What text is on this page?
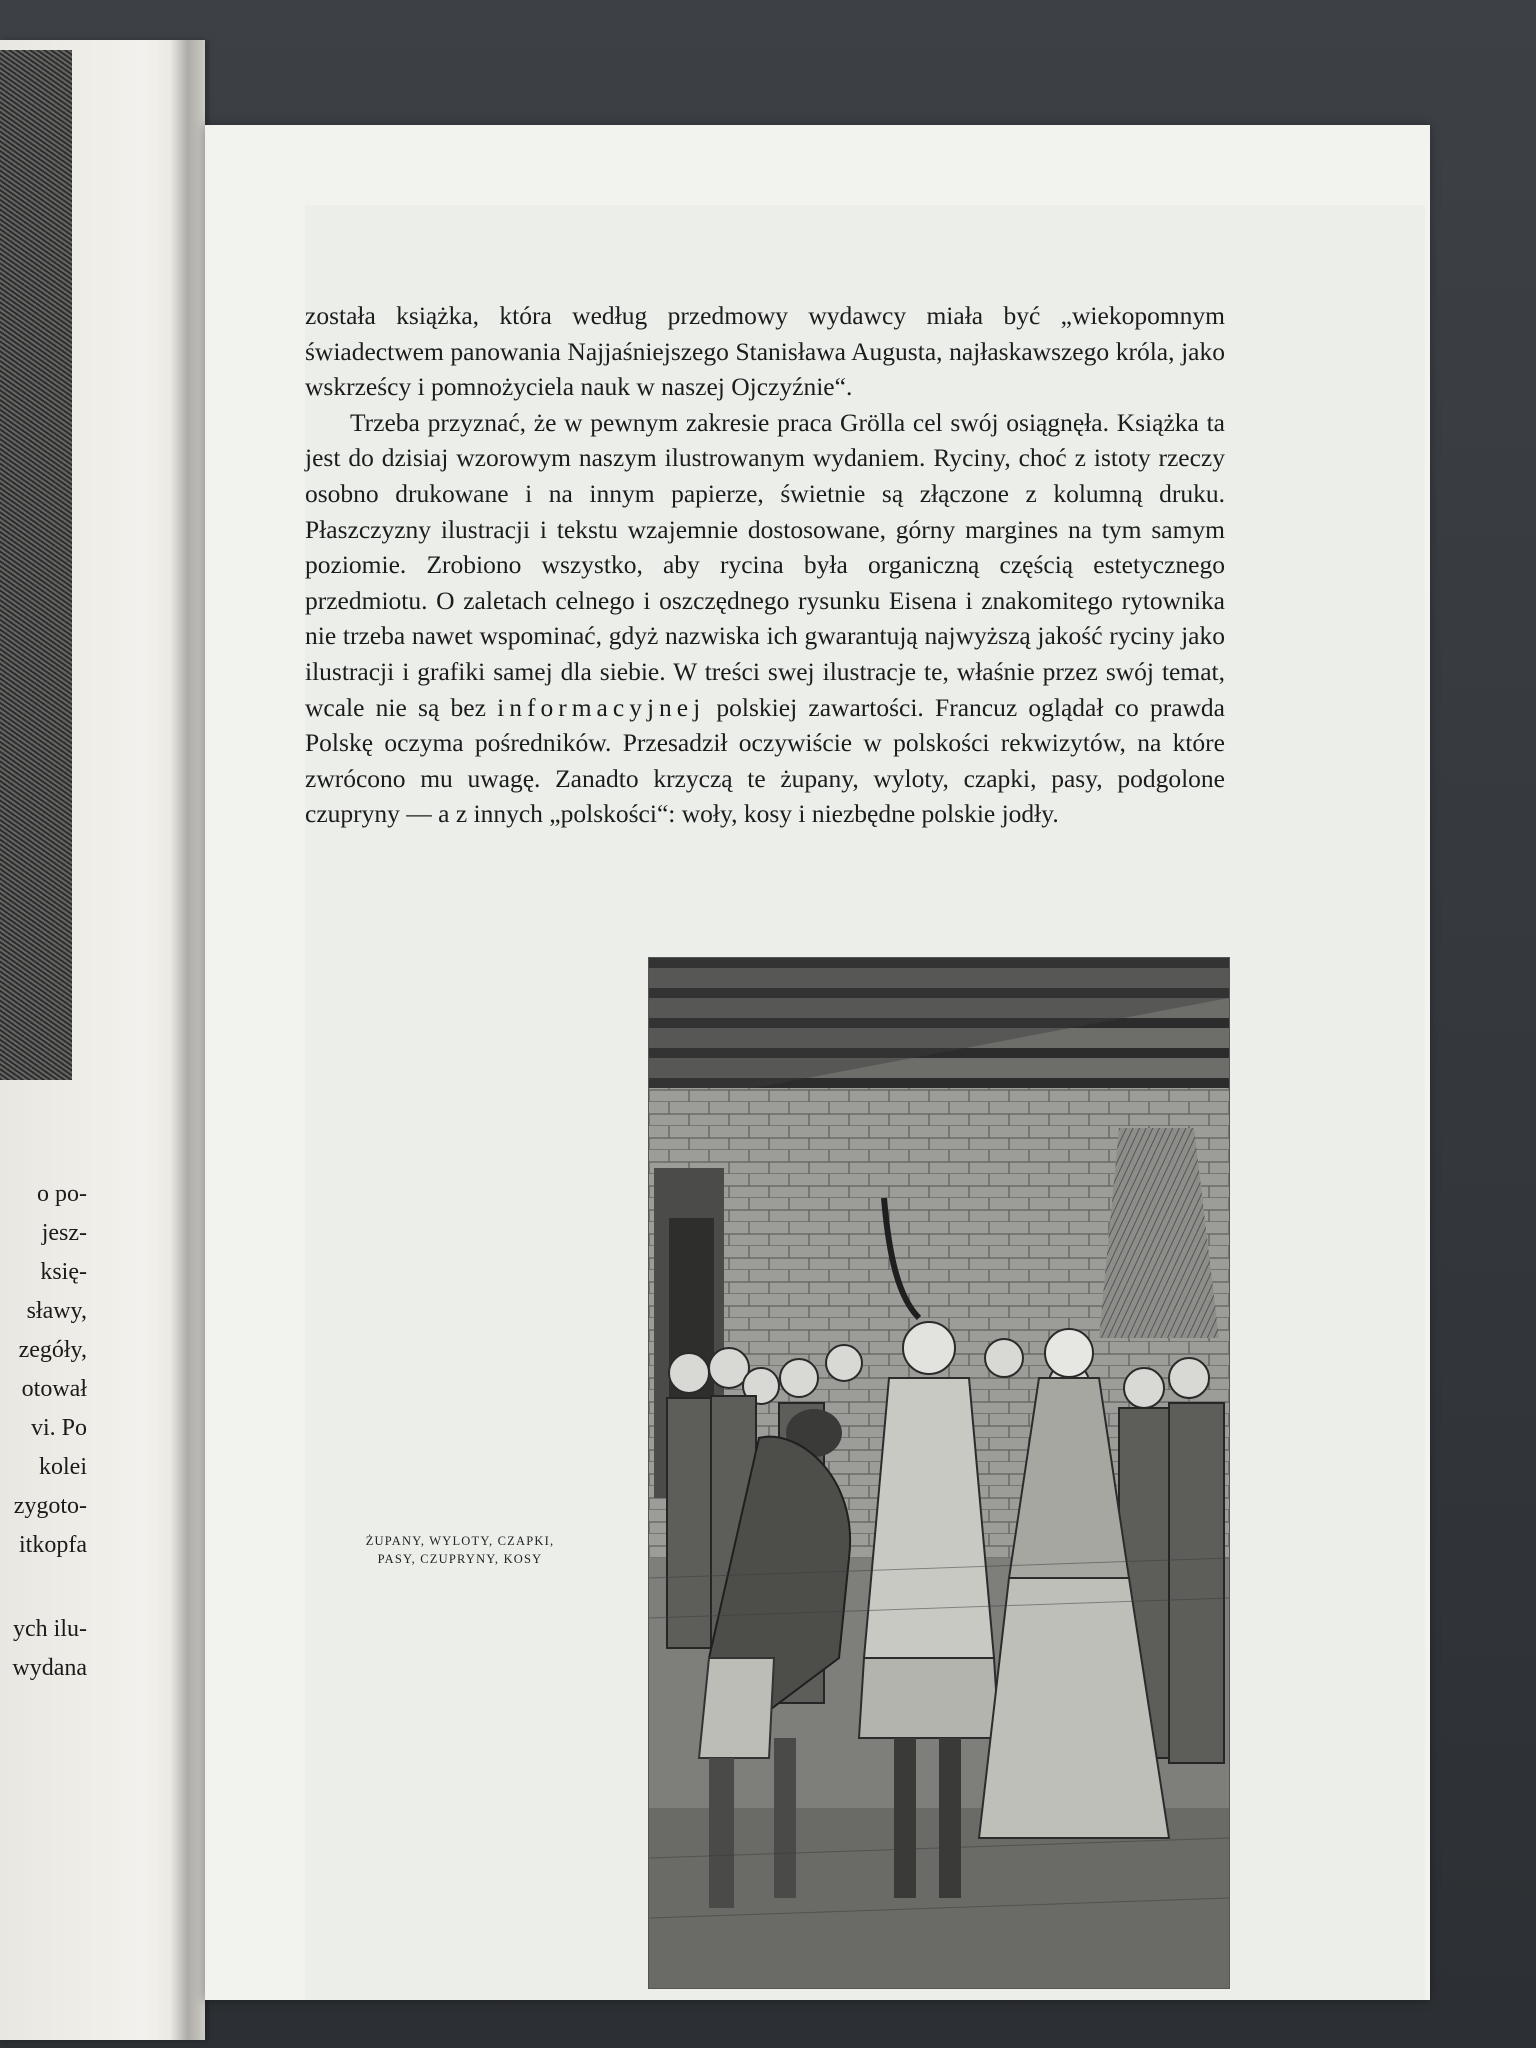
o po-
jesz-
księ-
sławy,
zegóły,
otował
vi. Po
kolei
zygoto-
itkopfa
ych ilu-
wydana

została książka, która według przedmowy wydawcy miała być „wiekopomnym świadectwem panowania Najjaśniejszego Stanisława Augusta, najłaskawszego króla, jako wskrześcy i pomnożyciela nauk w naszej Ojczyźnie“.

Trzeba przyznać, że w pewnym zakresie praca Grölla cel swój osiągnęła. Książka ta jest do dzisiaj wzorowym naszym ilustrowanym wydaniem. Ryciny, choć z istoty rzeczy osobno drukowane i na innym papierze, świetnie są złączone z kolumną druku. Płaszczyzny ilustracji i tekstu wzajemnie dostosowane, górny margines na tym samym poziomie. Zrobiono wszystko, aby rycina była organiczną częścią estetycznego przedmiotu. O zaletach celnego i oszczędnego rysunku Eisena i znakomitego rytownika nie trzeba nawet wspominać, gdyż nazwiska ich gwarantują najwyższą jakość ryciny jako ilustracji i grafiki samej dla siebie. W treści swej ilustracje te, właśnie przez swój temat, wcale nie są bez informacyjnej polskiej zawartości. Francuz oglądał co prawda Polskę oczyma pośredników. Przesadził oczywiście w polskości rekwizytów, na które zwrócono mu uwagę. Zanadto krzyczą te żupany, wyloty, czapki, pasy, podgolone czupryny — a z innych „polskości“: woły, kosy i niezbędne polskie jodły.

ŻUPANY, WYLOTY, CZAPKI,
PASY, CZUPRYNY, KOSY
